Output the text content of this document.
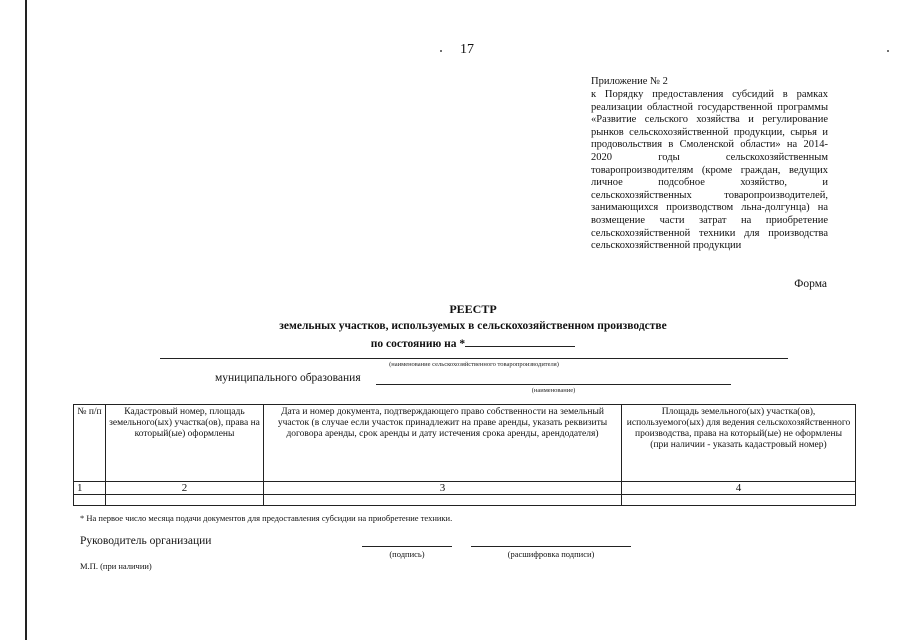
17
Приложение № 2
к Порядку предоставления субсидий в рамках реализации областной государственной программы «Развитие сельского хозяйства и регулирование рынков сельскохозяйственной продукции, сырья и продовольствия в Смоленской области» на 2014-2020 годы сельскохозяйственным товаропроизводителям (кроме граждан, ведущих личное подсобное хозяйство, и сельскохозяйственных товаропроизводителей, занимающихся производством льна-долгунца) на возмещение части затрат на приобретение сельскохозяйственной техники для производства сельскохозяйственной продукции
Форма
РЕЕСТР
земельных участков, используемых в сельскохозяйственном производстве
по состоянию на *
(наименование сельскохозяйственного товаропроизводителя)
муниципального образования
(наименование)
№ п/п	Кадастровый номер, площадь земельного(ых) участка(ов), права на который(ые) оформлены	Дата и номер документа, подтверждающего право собственности на земельный участок (в случае если участок принадлежит на праве аренды, указать реквизиты договора аренды, срок аренды и дату истечения срока аренды, арендодателя)	Площадь земельного(ых) участка(ов), используемого(ых) для ведения сельскохозяйственного производства, права на который(ые) не оформлены (при наличии - указать кадастровый номер)
1	2	3	4

* На первое число месяца подачи документов для предоставления субсидии на приобретение техники.
Руководитель организации
(подпись)	(расшифровка подписи)
М.П. (при наличии)
